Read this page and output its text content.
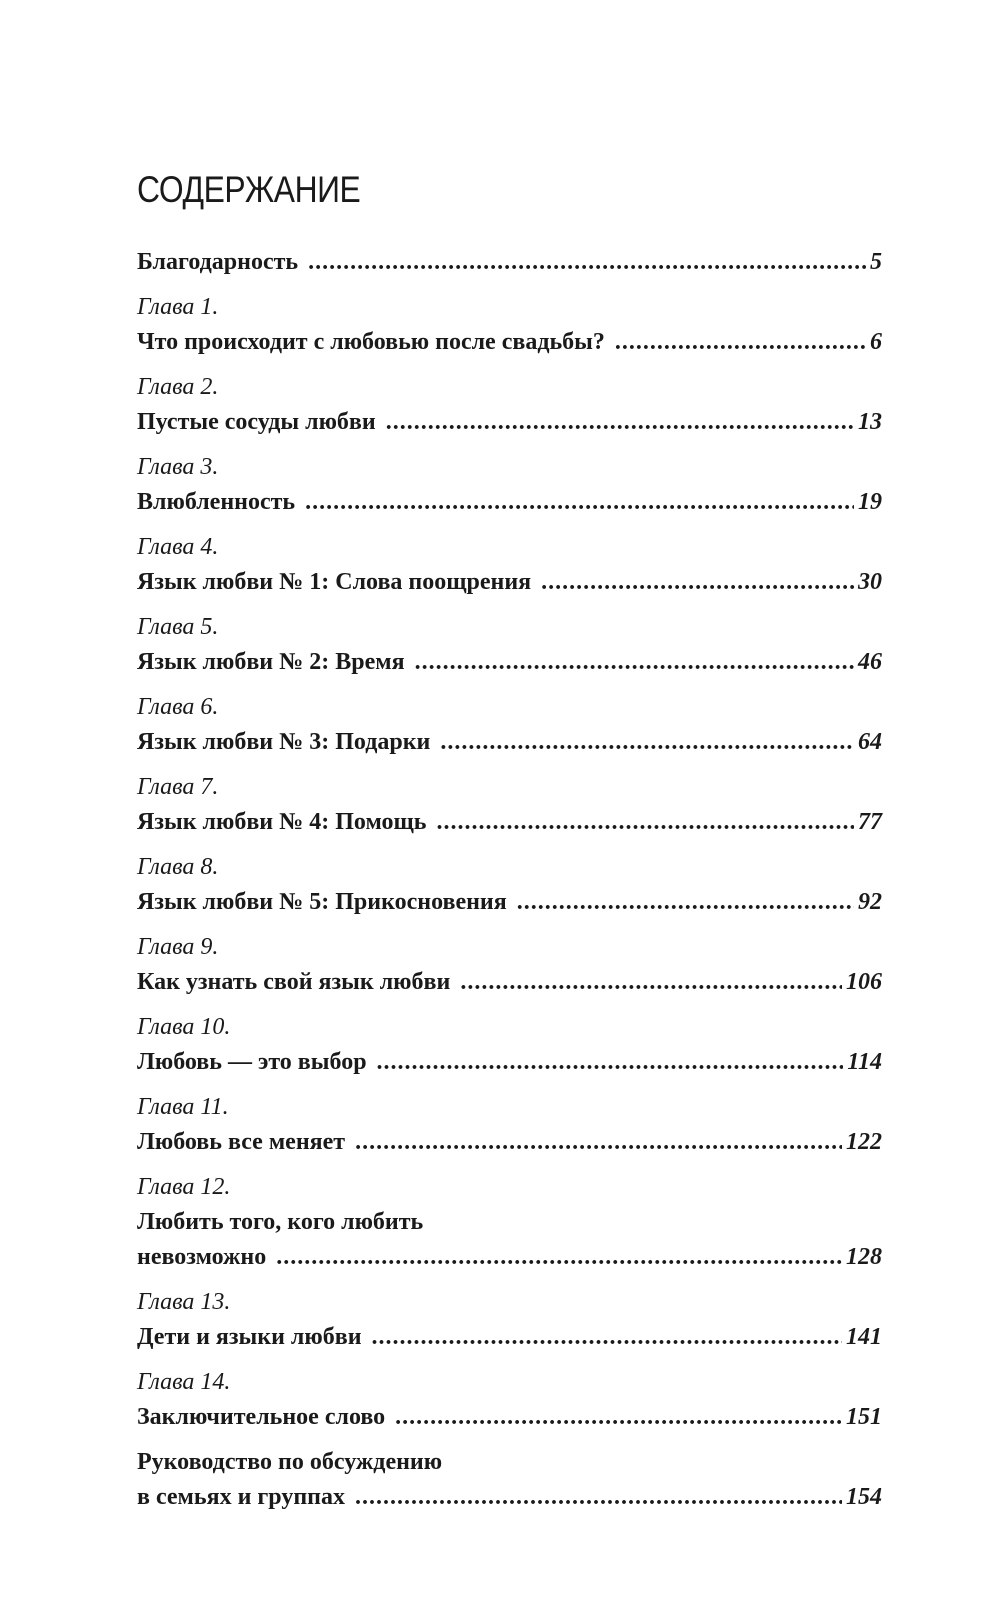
СОДЕРЖАНИЕ
Благодарность .....	5
Глава 1.
Что происходит с любовью после свадьбы? .....	6
Глава 2.
Пустые сосуды любви .....	13
Глава 3.
Влюбленность .....	19
Глава 4.
Язык любви № 1: Слова поощрения .....	30
Глава 5.
Язык любви № 2: Время .....	46
Глава 6.
Язык любви № 3: Подарки .....	64
Глава 7.
Язык любви № 4: Помощь .....	77
Глава 8.
Язык любви № 5: Прикосновения .....	92
Глава 9.
Как узнать свой язык любви .....	106
Глава 10.
Любовь — это выбор .....	114
Глава 11.
Любовь все меняет .....	122
Глава 12.
Любить того, кого любить
невозможно .....	128
Глава 13.
Дети и языки любви .....	141
Глава 14.
Заключительное слово .....	151
Руководство по обсуждению
в семьях и группах .....	154
